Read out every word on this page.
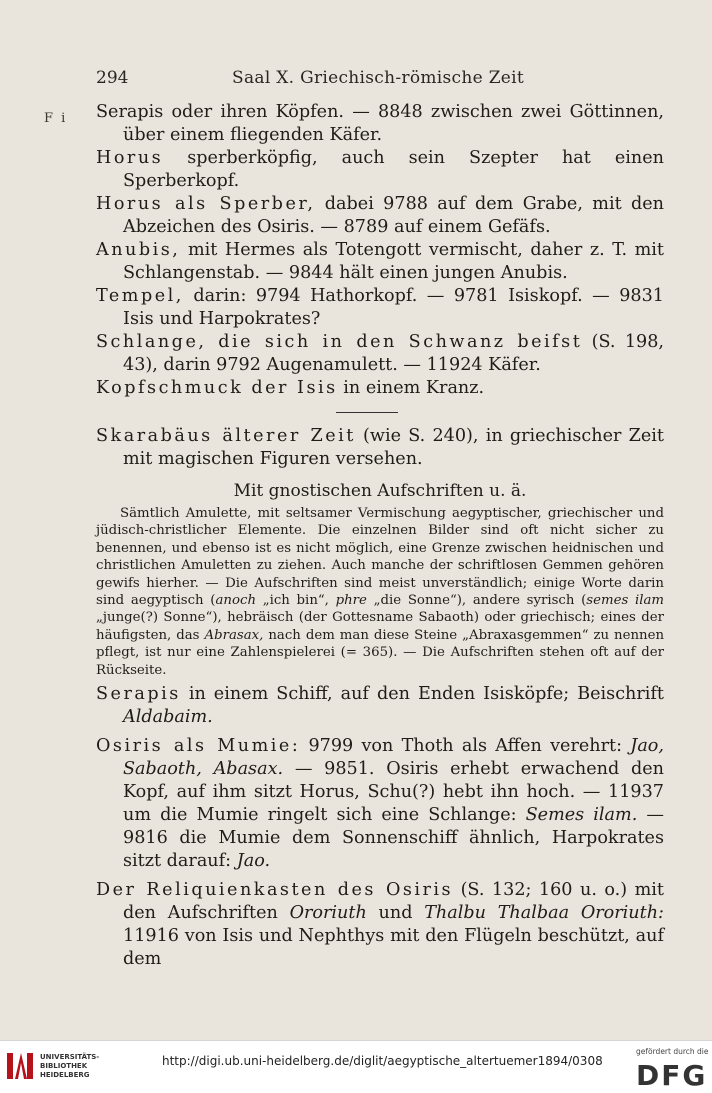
294	Saal X. Griechisch-römische Zeit
F i Serapis oder ihren Köpfen. — 8848 zwischen zwei Göttinnen, über einem fliegenden Käfer.

Horus sperberköpfig, auch sein Szepter hat einen Sperberkopf.

Horus als Sperber, dabei 9788 auf dem Grabe, mit den Abzeichen des Osiris. — 8789 auf einem Gefäfs.

Anubis, mit Hermes als Totengott vermischt, daher z. T. mit Schlangenstab. — 9844 hält einen jungen Anubis.

Tempel, darin: 9794 Hathorkopf. — 9781 Isiskopf. — 9831 Isis und Harpokrates?

Schlange, die sich in den Schwanz beifst (S. 198, 43), darin 9792 Augenamulett. — 11924 Käfer.

Kopfschmuck der Isis in einem Kranz.

Skarabäus älterer Zeit (wie S. 240), in griechischer Zeit mit magischen Figuren versehen.

Mit gnostischen Aufschriften u. ä.

Sämtlich Amulette, mit seltsamer Vermischung aegyptischer, griechischer und jüdisch-christlicher Elemente. Die einzelnen Bilder sind oft nicht sicher zu benennen, und ebenso ist es nicht möglich, eine Grenze zwischen heidnischen und christlichen Amuletten zu ziehen. Auch manche der schriftlosen Gemmen gehören gewifs hierher. — Die Aufschriften sind meist unverständlich; einige Worte darin sind aegyptisch (anoch „ich bin“, phre „die Sonne“), andere syrisch (semes ilam „junge(?) Sonne“), hebräisch (der Gottesname Sabaoth) oder griechisch; eines der häufigsten, das Abrasax, nach dem man diese Steine „Abraxasgemmen“ zu nennen pflegt, ist nur eine Zahlenspielerei (= 365). — Die Aufschriften stehen oft auf der Rückseite.

Serapis in einem Schiff, auf den Enden Isisköpfe; Beischrift Aldabaim.

Osiris als Mumie: 9799 von Thoth als Affen verehrt: Jao, Sabaoth, Abasax. — 9851. Osiris erhebt erwachend den Kopf, auf ihm sitzt Horus, Schu(?) hebt ihn hoch. — 11937 um die Mumie ringelt sich eine Schlange: Semes ilam. — 9816 die Mumie dem Sonnenschiff ähnlich, Harpokrates sitzt darauf: Jao.

Der Reliquienkasten des Osiris (S. 132; 160 u. o.) mit den Aufschriften Ororiuth und Thalbu Thalbaa Ororiuth: 11916 von Isis und Nephthys mit den Flügeln beschützt, auf dem

UNIVERSITÄTS-
BIBLIOTHEK
HEIDELBERG
http://digi.ub.uni-heidelberg.de/diglit/aegyptische_altertuemer1894/0308
gefördert durch die
DFG
